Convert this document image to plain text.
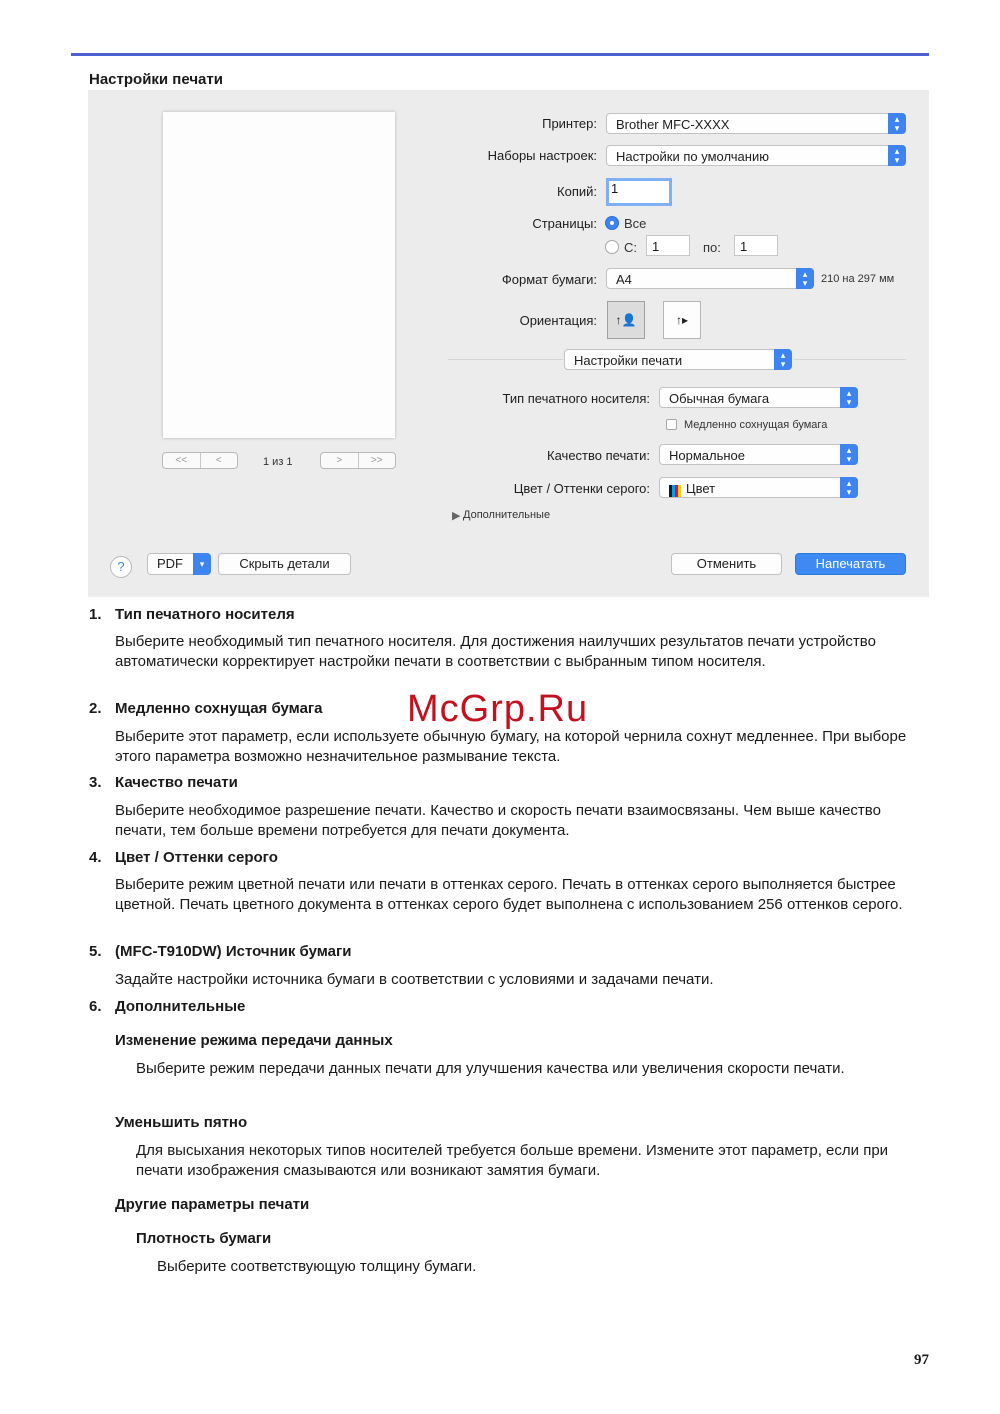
Настройки печати
<<	<	1 из 1	>	>>
Принтер:	Brother MFC-XXXX	▴
▾
Наборы настроек:	Настройки по умолчанию	▴
▾
Копий:	1
Страницы: Все
С:	1	по:	1
Формат бумаги:	A4	▴
▾	210 на 297 мм
Ориентация:	↑👤	↑▸
Настройки печати	▴
▾
Тип печатного носителя:	Обычная бумага	▴
▾
Медленно сохнущая бумага
Качество печати:	Нормальное	▴
▾
Цвет / Оттенки серого:	Цвет	▴
▾
▶ Дополнительные
?	PDF	▾	Скрыть детали	Отменить	Напечатать
1. Тип печатного носителя
Выберите необходимый тип печатного носителя. Для достижения наилучших результатов печати устройство автоматически корректирует настройки печати в соответствии с выбранным типом носителя.
2. Медленно сохнущая бумага
Выберите этот параметр, если используете обычную бумагу, на которой чернила сохнут медленнее. При выборе этого параметра возможно незначительное размывание текста.
3. Качество печати
Выберите необходимое разрешение печати. Качество и скорость печати взаимосвязаны. Чем выше качество печати, тем больше времени потребуется для печати документа.
4. Цвет / Оттенки серого
Выберите режим цветной печати или печати в оттенках серого. Печать в оттенках серого выполняется быстрее цветной. Печать цветного документа в оттенках серого будет выполнена с использованием 256 оттенков серого.
5. (MFC-T910DW) Источник бумаги
Задайте настройки источника бумаги в соответствии с условиями и задачами печати.
6. Дополнительные
Изменение режима передачи данных
Выберите режим передачи данных печати для улучшения качества или увеличения скорости печати.
Уменьшить пятно
Для высыхания некоторых типов носителей требуется больше времени. Измените этот параметр, если при печати изображения смазываются или возникают замятия бумаги.
Другие параметры печати
Плотность бумаги
Выберите соответствующую толщину бумаги.
McGrp.Ru
97
